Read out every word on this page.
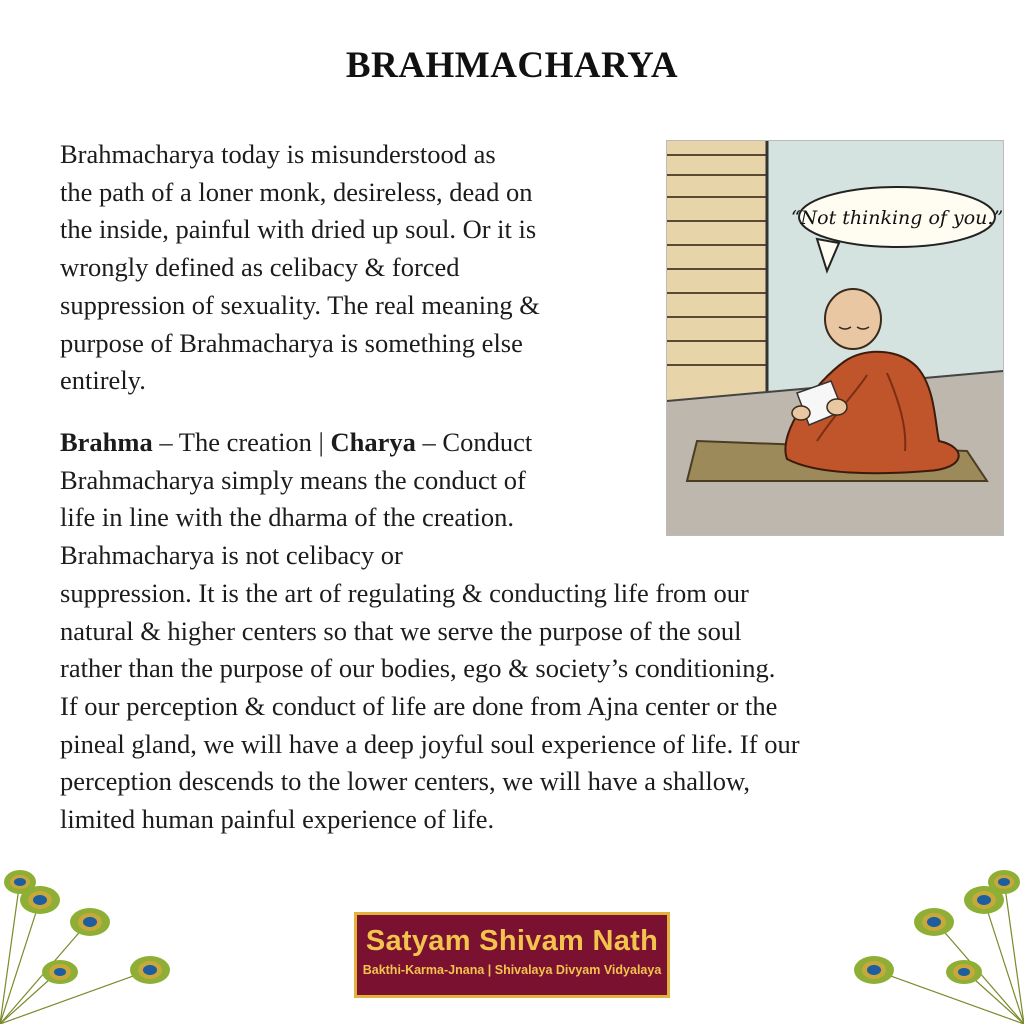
BRAHMACHARYA
Brahmacharya today is misunderstood as
the path of a loner monk, desireless, dead on
the inside, painful with dried up soul. Or it is
wrongly defined as celibacy & forced
suppression of sexuality. The real meaning &
purpose of Brahmacharya is something else
entirely.
Brahma – The creation | Charya – Conduct
Brahmacharya simply means the conduct of
life in line with the dharma of the creation.
Brahmacharya is not celibacy or
suppression. It is the art of regulating & conducting life from our
natural & higher centers so that we serve the purpose of the soul
rather than the purpose of our bodies, ego & society’s conditioning.
If our perception & conduct of life are done from Ajna center or the
pineal gland, we will have a deep joyful soul experience of life. If our
perception descends to the lower centers, we will have a shallow,
limited human painful experience of life.
“Not thinking of you.”
Satyam Shivam Nath
Bakthi-Karma-Jnana | Shivalaya Divyam Vidyalaya
